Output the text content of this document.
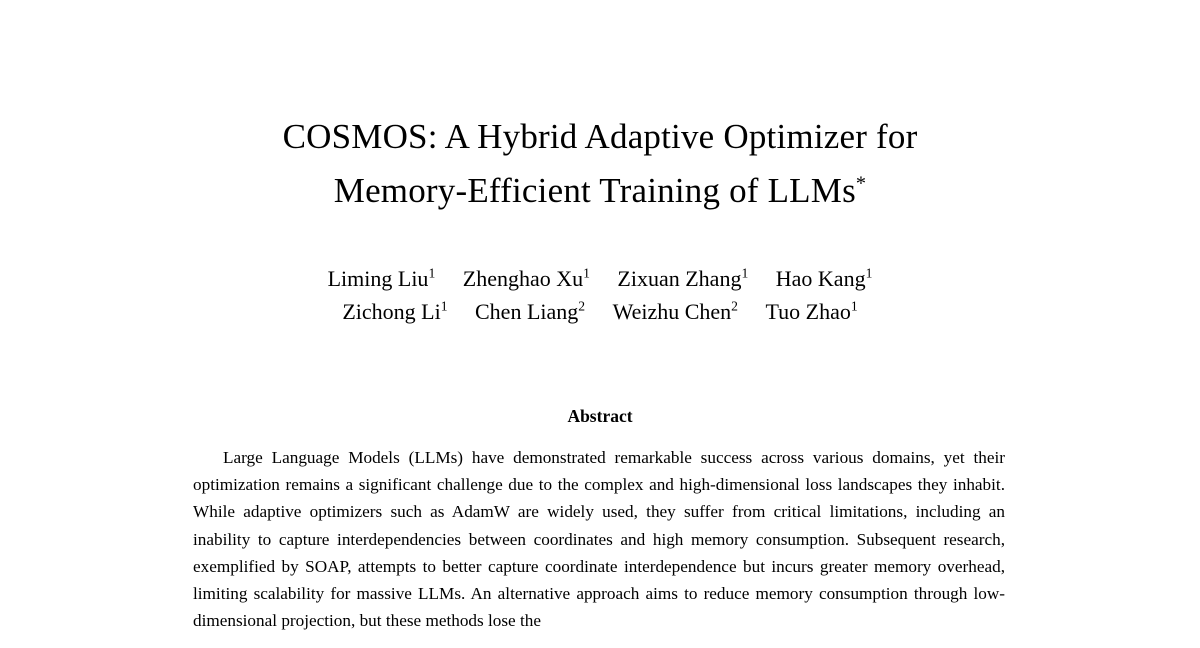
COSMOS: A Hybrid Adaptive Optimizer for
Memory-Efficient Training of LLMs*
Liming Liu$^1$ Zhenghao Xu$^1$ Zixuan Zhang$^1$ Hao Kang$^1$
Zichong Li$^1$ Chen Liang$^2$ Weizhu Chen$^2$ Tuo Zhao$^1$
Abstract

Large Language Models (LLMs) have demonstrated remarkable success across various domains, yet their optimization remains a significant challenge due to the complex and high-dimensional loss landscapes they inhabit. While adaptive optimizers such as AdamW are widely used, they suffer from critical limitations, including an inability to capture interdependencies between coordinates and high memory consumption. Subsequent research, exemplified by SOAP, attempts to better capture coordinate interdependence but incurs greater memory overhead, limiting scalability for massive LLMs. An alternative approach aims to reduce memory consumption through low-dimensional projection, but these methods lose the
